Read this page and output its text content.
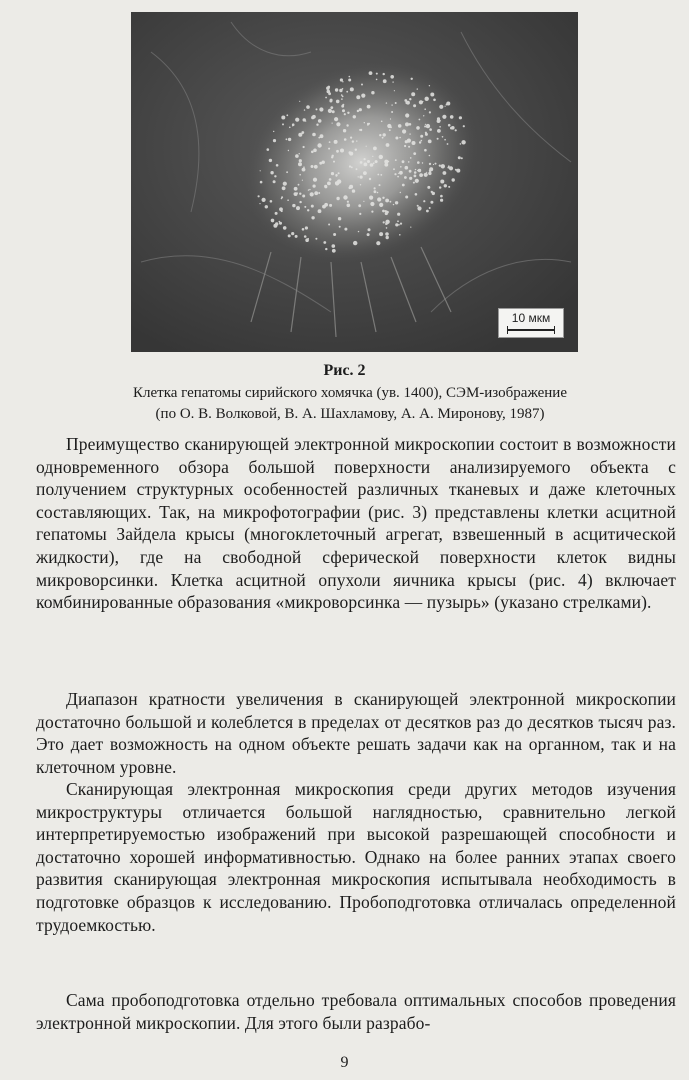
10 мкм
Рис. 2
Клетка гепатомы сирийского хомячка (ув. 1400), СЭМ-изображение
(по О. В. Волковой, В. А. Шахламову, А. А. Миронову, 1987)

Преимущество сканирующей электронной микроскопии состоит в возможности одновременного обзора большой поверхности анализируемого объекта с получением структурных особенностей различных тканевых и даже клеточных составляющих. Так, на микрофотографии (рис. 3) представлены клетки асцитной гепатомы Зайдела крысы (многоклеточный агрегат, взвешенный в асцитической жидкости), где на свободной сферической поверхности клеток видны микроворсинки. Клетка асцитной опухоли яичника крысы (рис. 4) включает комбинированные образования «микроворсинка — пузырь» (указано стрелками).

Диапазон кратности увеличения в сканирующей электронной микроскопии достаточно большой и колеблется в пределах от десятков раз до десятков тысяч раз. Это дает возможность на одном объекте решать задачи как на органном, так и на клеточном уровне.

Сканирующая электронная микроскопия среди других методов изучения микроструктуры отличается большой наглядностью, сравнительно легкой интерпретируемостью изображений при высокой разрешающей способности и достаточно хорошей информативностью. Однако на более ранних этапах своего развития сканирующая электронная микроскопия испытывала необходимость в подготовке образцов к исследованию. Пробоподготовка отличалась определенной трудоемкостью.

Сама пробоподготовка отдельно требовала оптимальных способов проведения электронной микроскопии. Для этого были разрабо-

9
